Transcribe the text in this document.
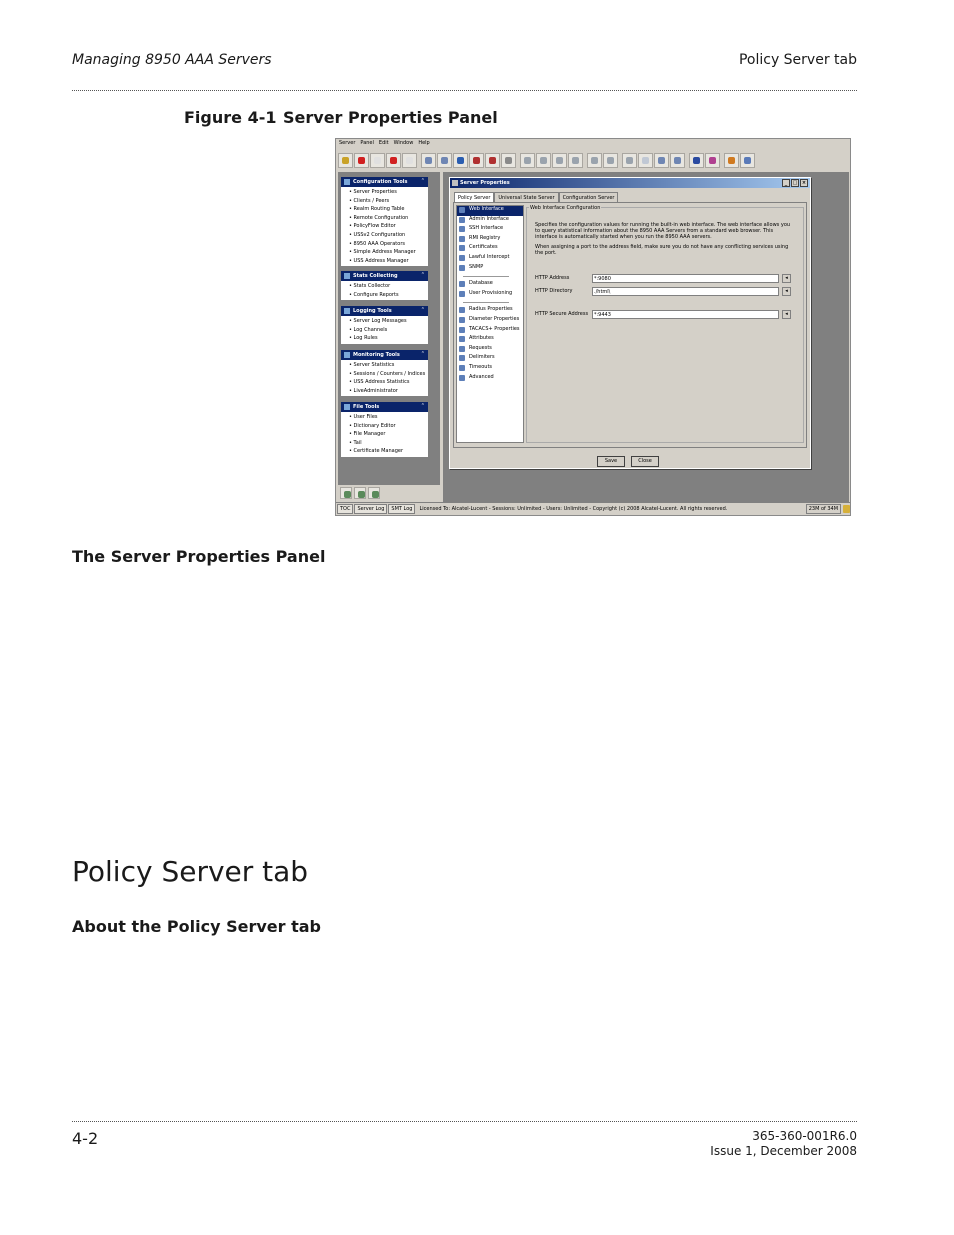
Managing 8950 AAA Servers	Policy Server tab
Figure 4-1 Server Properties Panel
Server Panel Edit Window Help
Configuration Tools	⌃
• Server Properties
• Clients / Peers
• Realm Routing Table
• Remote Configuration
• PolicyFlow Editor
• USSv2 Configuration
• 8950 AAA Operators
• Simple Address Manager
• USS Address Manager
Stats Collecting	⌃
• Stats Collector
• Configure Reports
Logging Tools	⌃
• Server Log Messages
• Log Channels
• Log Rules
Monitoring Tools	⌃
• Server Statistics
• Sessions / Counters / Indices
• USS Address Statistics
• LiveAdministrator
File Tools	⌃
• User Files
• Dictionary Editor
• File Manager
• Tail
• Certificate Manager
Server Properties	_	□ ×
Policy Server	Universal State Server	Configuration Server
Web Interface
Admin Interface
SSH Interface
RMI Registry
Certificates
Lawful Intercept
SNMP
Database
User Provisioning
Radius Properties
Diameter Properties
TACACS+ Properties
Attributes
Requests
Delimiters
Timeouts
Advanced
Web Interface Configuration

Specifies the configuration values for running the built-in web interface. The web interface allows you to query statistical information about the 8950 AAA Servers from a standard web browser. This interface is automatically started when you run the 8950 AAA servers.

When assigning a port to the address field, make sure you do not have any conflicting services using the port.

HTTP Address	*:9080	◂
HTTP Directory	./html\	◂
HTTP Secure Address	*:9443	◂
Save	Close
TOC	Server Log	SMT Log	Licensed To: Alcatel-Lucent - Sessions: Unlimited - Users: Unlimited - Copyright (c) 2008 Alcatel-Lucent. All rights reserved.	23M of 34M
The Server Properties Panel
Policy Server tab
About the Policy Server tab
4-2	365-360-001R6.0
Issue 1, December 2008
